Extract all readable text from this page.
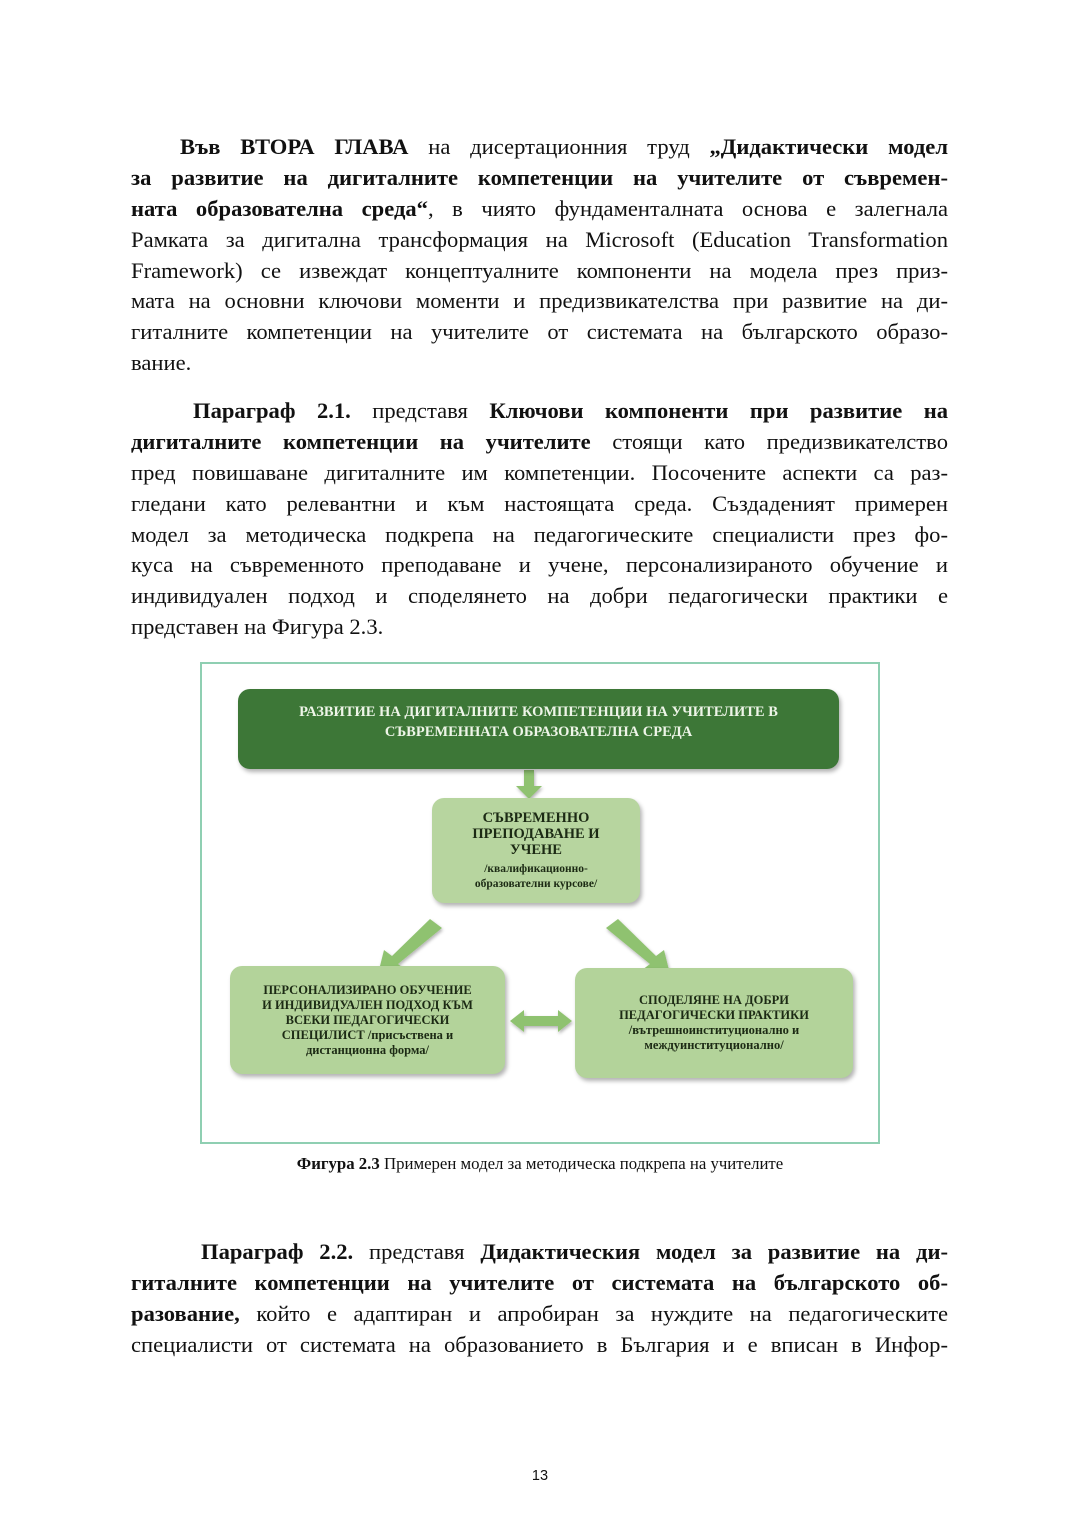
Във ВТОРА ГЛАВА на дисертационния труд „Дидактически модел
за развитие на дигиталните компетенции на учителите от съвремен-
ната образователна среда“, в чиято фундаменталната основа е залегнала
Рамката за дигитална трансформация на Microsoft (Education Transformation
Framework) се извеждат концептуалните компоненти на модела през приз-
мата на основни ключови моменти и предизвикателства при развитие на ди-
гиталните компетенции на учителите от системата на българското образо-
вание.
Параграф 2.1. представя Ключови компоненти при развитие на
дигиталните компетенции на учителите стоящи като предизвикателство
пред повишаване дигиталните им компетенции. Посочените аспекти са раз-
гледани като релевантни и към настоящата среда. Създаденият примерен
модел за методическа подкрепа на педагогическите специалисти през фо-
куса на съвременното преподаване и учене, персонализираното обучение и
индивидуален подход и споделянето на добри педагогически практики е
представен на Фигура 2.3.
РАЗВИТИЕ НА ДИГИТАЛНИТЕ КОМПЕТЕНЦИИ НА УЧИТЕЛИТЕ В
СЪВРЕМЕННАТА ОБРАЗОВАТЕЛНА СРЕДА
СЪВРЕМЕННО
ПРЕПОДАВАНЕ И
УЧЕНЕ
/квалификационно-
образователни курсове/
ПЕРСОНАЛИЗИРАНО ОБУЧЕНИЕ
И ИНДИВИДУАЛЕН ПОДХОД КЪМ
ВСЕКИ ПЕДАГОГИЧЕСКИ
СПЕЦИЛИСТ /присъствена и
дистанционна форма/
СПОДЕЛЯНЕ НА ДОБРИ
ПЕДАГОГИЧЕСКИ ПРАКТИКИ
/вътрешноинституционално и
междуинституционално/
Фигура 2.3 Примерен модел за методическа подкрепа на учителите
Параграф 2.2. представя Дидактическия модел за развитие на ди-
гиталните компетенции на учителите от системата на българското об-
разование, който е адаптиран и апробиран за нуждите на педагогическите
специалисти от системата на образованието в България и е вписан в Инфор-
13
